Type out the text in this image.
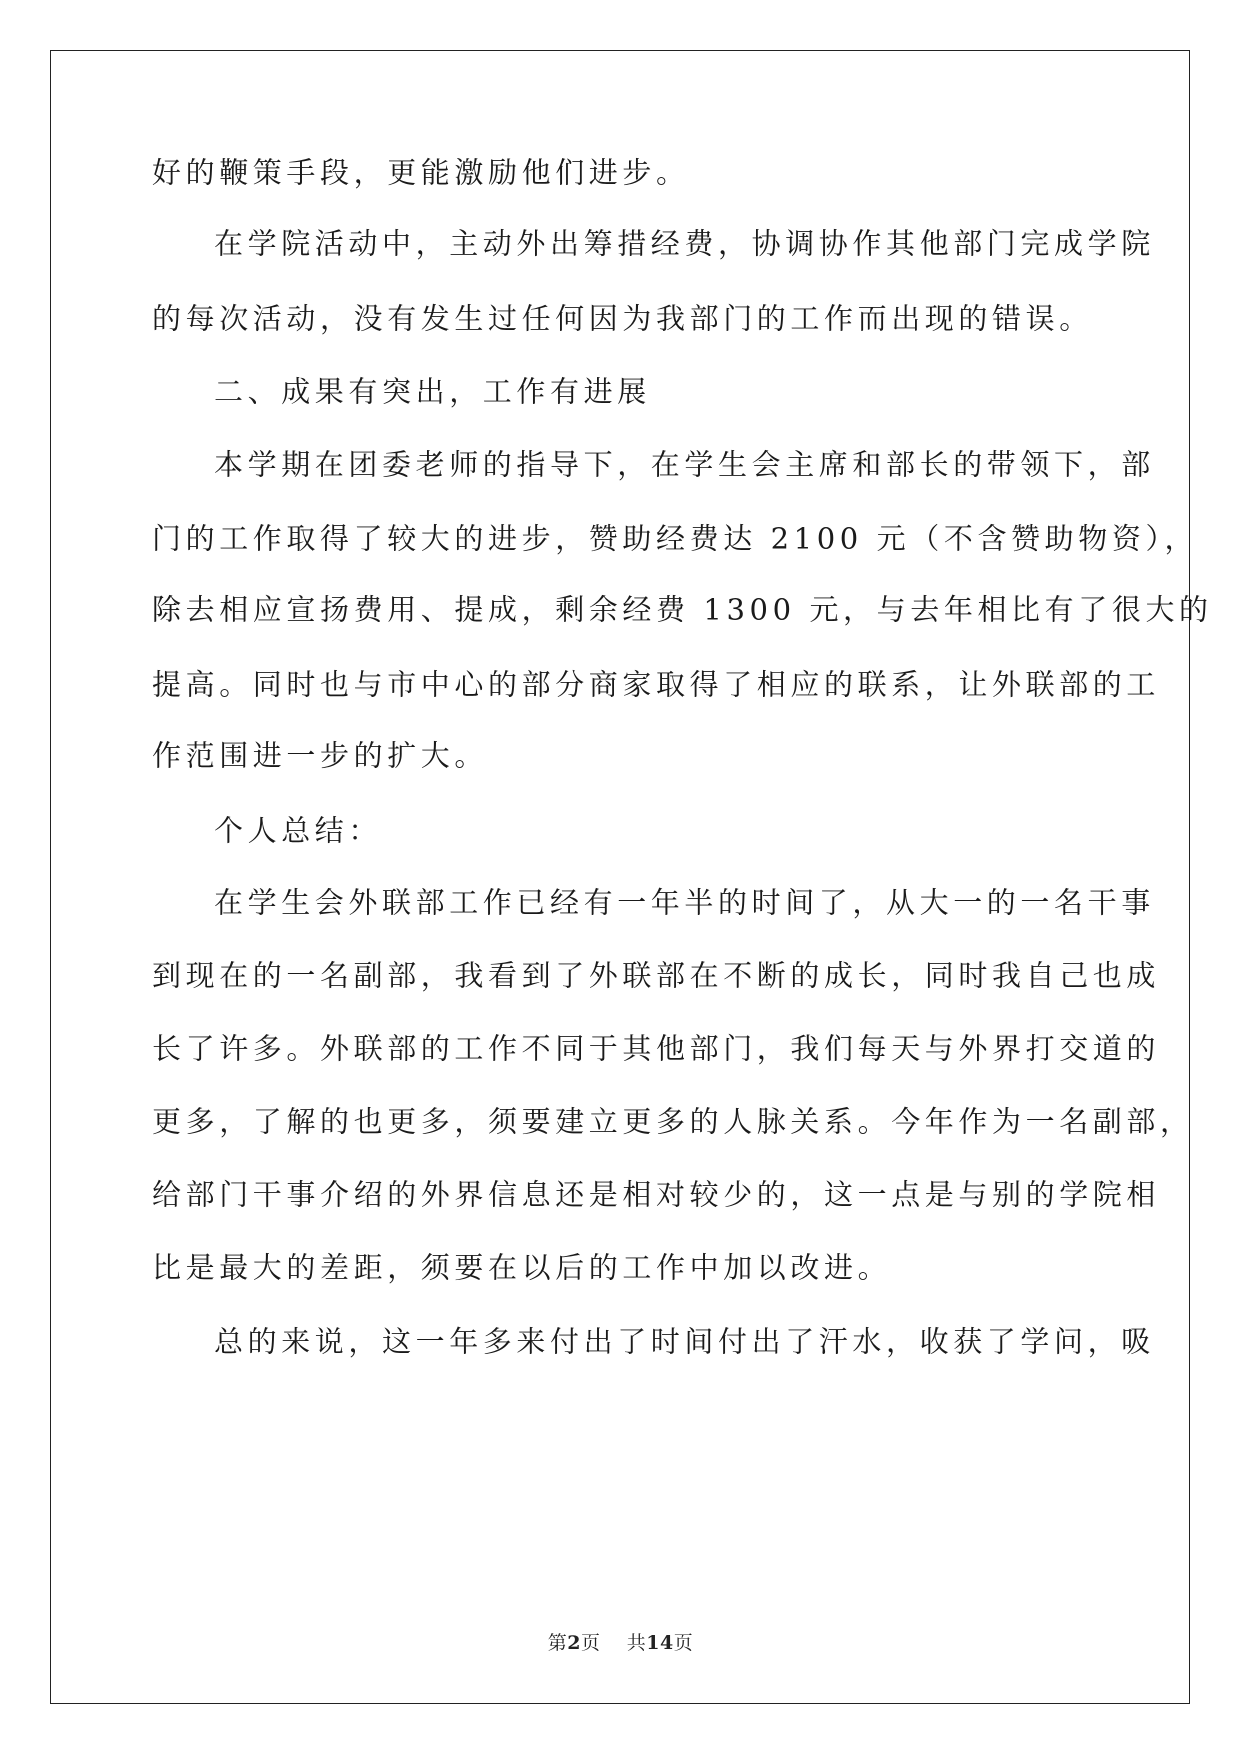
好的鞭策手段，更能激励他们进步。
在学院活动中，主动外出筹措经费，协调协作其他部门完成学院
的每次活动，没有发生过任何因为我部门的工作而出现的错误。
二、成果有突出，工作有进展
本学期在团委老师的指导下，在学生会主席和部长的带领下，部
门的工作取得了较大的进步，赞助经费达 2100 元（不含赞助物资），
除去相应宣扬费用、提成，剩余经费 1300 元，与去年相比有了很大的
提高。同时也与市中心的部分商家取得了相应的联系，让外联部的工
作范围进一步的扩大。
个人总结：
在学生会外联部工作已经有一年半的时间了，从大一的一名干事
到现在的一名副部，我看到了外联部在不断的成长，同时我自己也成
长了许多。外联部的工作不同于其他部门，我们每天与外界打交道的
更多，了解的也更多，须要建立更多的人脉关系。今年作为一名副部，
给部门干事介绍的外界信息还是相对较少的，这一点是与别的学院相
比是最大的差距，须要在以后的工作中加以改进。
总的来说，这一年多来付出了时间付出了汗水，收获了学问，吸
第2页 共14页
